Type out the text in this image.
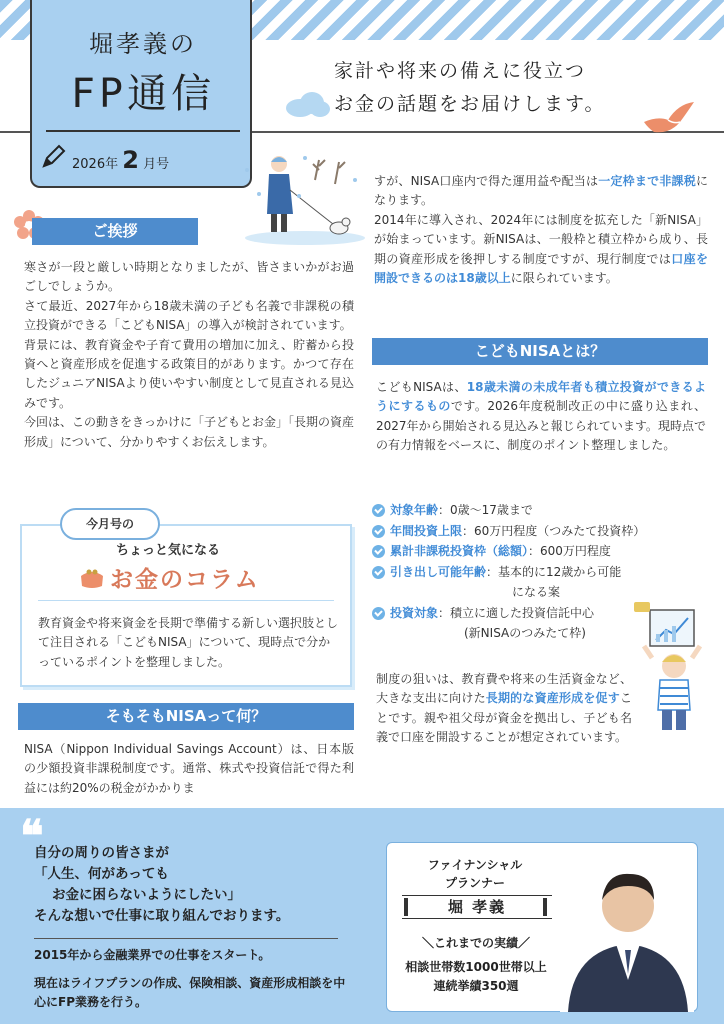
堀孝義の
FP通信
2026年 2 月号
家計や将来の備えに役立つ
お金の話題をお届けします。
ご挨拶

寒さが一段と厳しい時期となりましたが、皆さまいかがお過ごしでしょうか。

さて最近、2027年から18歳未満の子ども名義で非課税の積立投資ができる「こどもNISA」の導入が検討されています。

背景には、教育資金や子育て費用の増加に加え、貯蓄から投資へと資産形成を促進する政策目的があります。かつて存在したジュニアNISAより使いやすい制度として見直される見込みです。

今回は、この動きをきっかけに「子どもとお金」「長期の資産形成」について、分かりやすくお伝えします。

今月号の
ちょっと気になる
お金のコラム
教育資金や将来資金を長期で準備する新しい選択肢として注目される「こどもNISA」について、現時点で分かっているポイントを整理しました。
そもそもNISAって何？
NISA（Nippon Individual Savings Account）は、日本版の少額投資非課税制度です。通常、株式や投資信託で得た利益には約20%の税金がかかりま

すが、NISA口座内で得た運用益や配当は一定枠まで非課税になります。

2014年に導入され、2024年には制度を拡充した「新NISA」が始まっています。新NISAは、一般枠と積立枠から成り、長期の資産形成を後押しする制度ですが、現行制度では口座を開設できるのは18歳以上に限られています。

こどもNISAとは？
こどもNISAは、18歳未満の未成年者も積立投資ができるようにするものです。2026年度税制改正の中に盛り込まれ、2027年から開始される見込みと報じられています。現時点での有力情報をベースに、制度のポイント整理しました。
対象年齢：0歳〜17歳まで
年間投資上限：60万円程度（つみたて投資枠）
累計非課税投資枠（総額）：600万円程度
引き出し可能年齢：基本的に12歳から可能
になる案
投資対象：積立に適した投資信託中心
(新NISAのつみたて枠)
制度の狙いは、教育費や将来の生活資金など、大きな支出に向けた長期的な資産形成を促すことです。親や祖父母が資金を拠出し、子ども名義で口座を開設することが想定されています。
❝
自分の周りの皆さまが
「人生、何があっても
お金に困らないようにしたい」
そんな想いで仕事に取り組んでおります。
2015年から金融業界での仕事をスタート。
現在はライフプランの作成、保険相談、資産形成相談を中心にFP業務を行う。
ファイナンシャル
プランナー
堀 孝義
＼これまでの実績／
相談世帯数1000世帯以上
連続挙績350週
